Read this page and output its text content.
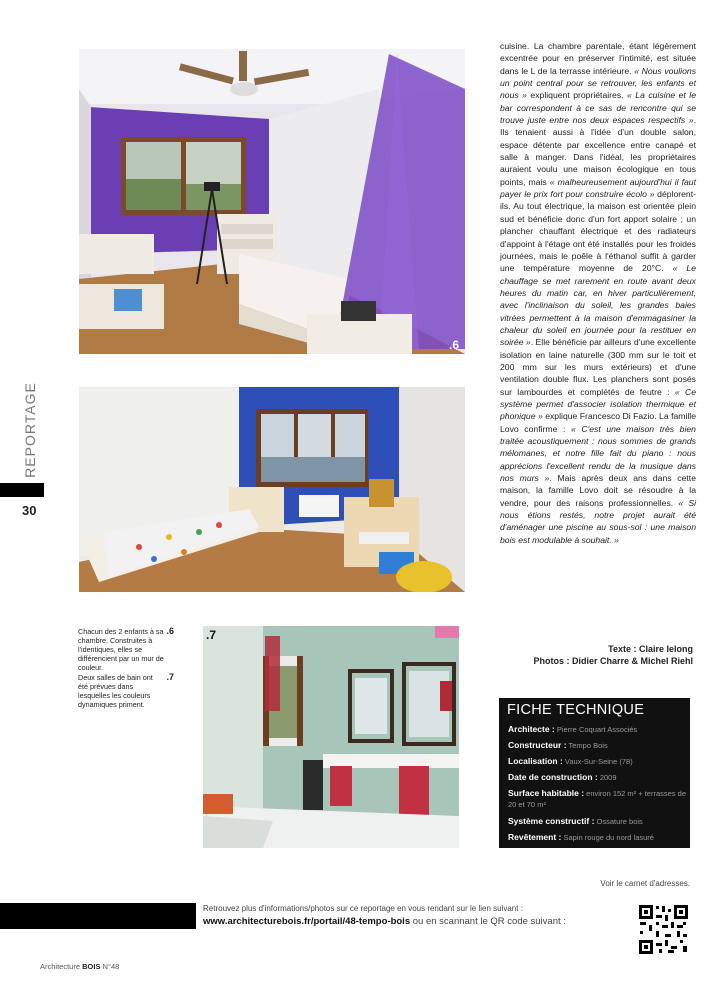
.6
.7
REPORTAGE
30
Chacun des 2 enfants à sa chambre. Construites à l'identiques, elles se différencient par un mur de couleur.
.6
Deux salles de bain ont été prévues dans lesquelles les couleurs dynamiques priment.
.7

cuisine. La chambre parentale, étant légèrement excentrée pour en préserver l'intimité, est située dans le L de la terrasse intérieure. « Nous voulions un point central pour se retrouver, les enfants et nous » expliquent propriétaires. « La cuisine et le bar correspondent à ce sas de rencontre qui se trouve juste entre nos deux espaces respectifs ». Ils tenaient aussi à l'idée d'un double salon, espace détente par excellence entre canapé et salle à manger. Dans l'idéal, les propriétaires auraient voulu une maison écologique en tous points, mais « malheureusement aujourd'hui il faut payer le prix fort pour construire écolo » déplorent-ils. Au tout électrique, la maison est orientée plein sud et bénéficie donc d'un fort apport solaire ; un plancher chauffant électrique et des radiateurs d'appoint à l'étage ont été installés pour les froides journées, mais le poêle à l'éthanol suffit à garder une température moyenne de 20°C. « Le chauffage se met rarement en route avant deux heures du matin car, en hiver particulièrement, avec l'inclinaison du soleil, les grandes baies vitrées permettent à la maison d'emmagasiner la chaleur du soleil en journée pour la restituer en soirée ». Elle bénéficie par ailleurs d'une excellente isolation en laine naturelle (300 mm sur le toit et 200 mm sur les murs extérieurs) et d'une ventilation double flux. Les planchers sont posés sur lambourdes et complétés de feutre : « Ce système permet d'associer isolation thermique et phonique » explique Francesco Di Fazio. La famille Lovo confirme : « C'est une maison très bien traitée acoustiquement : nous sommes de grands mélomanes, et notre fille fait du piano : nous apprécions l'excellent rendu de la musique dans nos murs ». Mais après deux ans dans cette maison, la famille Lovo doit se résoudre à la vendre, pour des raisons professionnelles. « Si nous étions restés, notre projet aurait été d'aménager une piscine au sous-sol : une maison bois est modulable à souhait. »

Texte : Claire Ielong
Photos : Didier Charre & Michel Riehl
FICHE TECHNIQUE
Architecte : Pierre Coquart Associés
Constructeur : Tempo Bois
Localisation : Vaux-Sur-Seine (78)
Date de construction : 2009
Surface habitable : environ 152 m² + terrasses de 20 et 70 m²
Système constructif : Ossature bois
Revêtement : Sapin rouge du nord lasuré
Voir le carnet d'adresses.
Retrouvez plus d'informations/photos sur ce reportage en vous rendant sur le lien suivant :
www.architecturebois.fr/portail/48-tempo-bois ou en scannant le QR code suivant :
Architecture BOIS N°48
